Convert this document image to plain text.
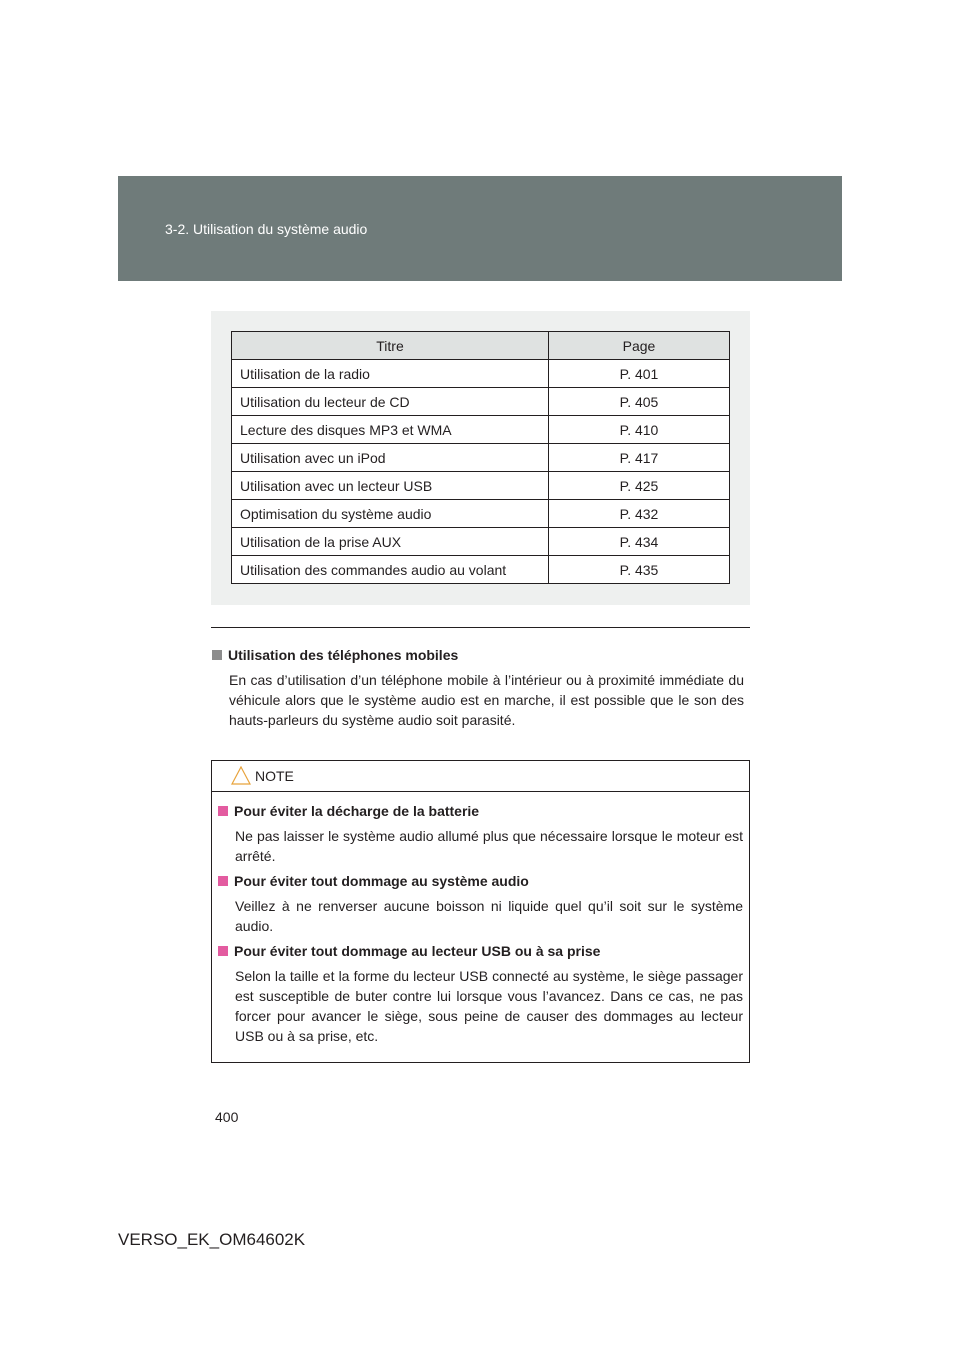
3-2. Utilisation du système audio
Titre	Page
Utilisation de la radio	P. 401
Utilisation du lecteur de CD	P. 405
Lecture des disques MP3 et WMA	P. 410
Utilisation avec un iPod	P. 417
Utilisation avec un lecteur USB	P. 425
Optimisation du système audio	P. 432
Utilisation de la prise AUX	P. 434
Utilisation des commandes audio au volant	P. 435
Utilisation des téléphones mobiles
En cas d’utilisation d’un téléphone mobile à l’intérieur ou à proximité immédiate du véhicule alors que le système audio est en marche, il est possible que le son des hauts-parleurs du système audio soit parasité.
NOTE
Pour éviter la décharge de la batterie
Ne pas laisser le système audio allumé plus que nécessaire lorsque le moteur est arrêté.
Pour éviter tout dommage au système audio
Veillez à ne renverser aucune boisson ni liquide quel qu’il soit sur le système audio.
Pour éviter tout dommage au lecteur USB ou à sa prise
Selon la taille et la forme du lecteur USB connecté au système, le siège passager est susceptible de buter contre lui lorsque vous l’avancez. Dans ce cas, ne pas forcer pour avancer le siège, sous peine de causer des dommages au lecteur USB ou à sa prise, etc.
400
VERSO_EK_OM64602K
